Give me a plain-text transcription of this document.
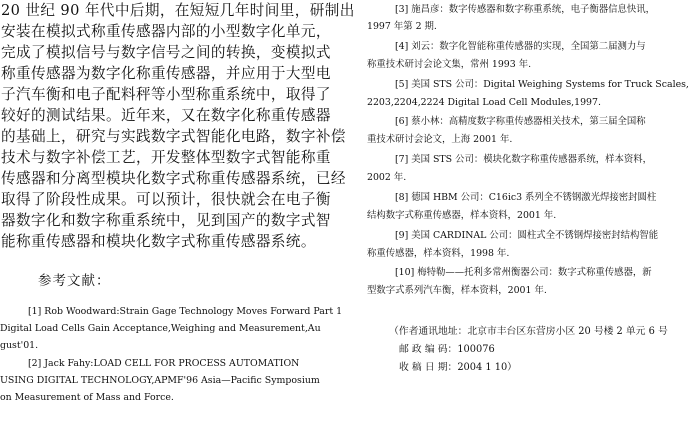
20 世纪 90 年代中后期，在短短几年时间里，研制出
安装在模拟式称重传感器内部的小型数字化单元，
完成了模拟信号与数字信号之间的转换，变模拟式
称重传感器为数字化称重传感器，并应用于大型电
子汽车衡和电子配料秤等小型称重系统中，取得了
较好的测试结果。近年来，又在数字化称重传感器
的基础上，研究与实践数字式智能化电路，数字补偿
技术与数字补偿工艺，开发整体型数字式智能称重
传感器和分离型模块化数字式称重传感器系统，已经
取得了阶段性成果。可以预计，很快就会在电子衡
器数字化和数字称重系统中，见到国产的数字式智
能称重传感器和模块化数字式称重传感器系统。
参考文献：
[1] Rob Woodward:Strain Gage Technology Moves Forward Part 1
Digital Load Cells Gain Acceptance,Weighing and Measurement,Au
gust'01.
[2] Jack Fahy:LOAD CELL FOR PROCESS AUTOMATION
USING DIGITAL TECHNOLOGY,APMF'96 Asia—Pacific Symposium
on Measurement of Mass and Force.
[3] 施昌彦：数字传感器和数字称重系统，电子衡器信息快讯，
1997 年第 2 期.
[4] 刘云：数字化智能称重传感器的实现，全国第二届测力与
称重技术研讨会论文集，常州 1993 年.
[5] 美国 STS 公司：Digital Weighing Systems for Truck Scales,
2203,2204,2224 Digital Load Cell Modules,1997.
[6] 蔡小林：高精度数字称重传感器相关技术，第三届全国称
重技术研讨会论文，上海 2001 年.
[7] 美国 STS 公司：模块化数字称重传感器系统，样本资料，
2002 年.
[8] 德国 HBM 公司：C16ic3 系列全不锈钢激光焊接密封圆柱
结构数字式称重传感器，样本资料，2001 年.
[9] 美国 CARDINAL 公司：圆柱式全不锈钢焊接密封结构智能
称重传感器，样本资料，1998 年.
[10] 梅特勒——托利多常州衡器公司：数字式称重传感器，新
型数字式系列汽车衡，样本资料，2001 年.
（作者通讯地址：北京市丰台区东营房小区 20 号楼 2 单元 6 号
邮 政 编 码：100076
收 稿 日 期：2004 1 10）
